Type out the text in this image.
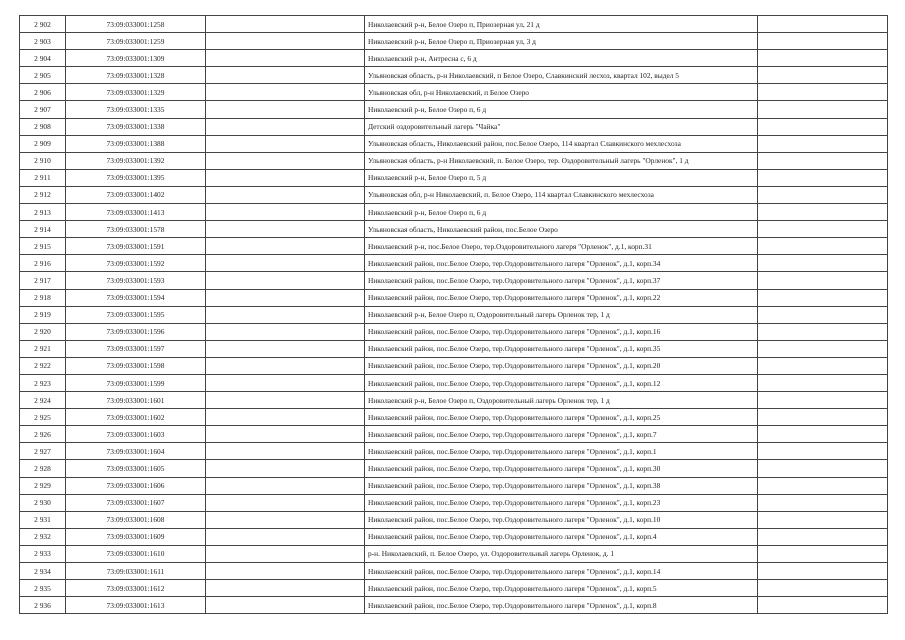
2 902	73:09:033001:1258		Николаевский р-н, Белое Озеро п, Приозерная ул, 21 д	
2 903	73:09:033001:1259		Николаевский р-н, Белое Озеро п, Приозерная ул, 3 д	
2 904	73:09:033001:1309		Николаевский р-н, Антресна с, 6 д	
2 905	73:09:033001:1328		Ульяновская область, р-н Николаевский, п Белое Озеро, Славкинский лесхоз, квартал 102, выдел 5	
2 906	73:09:033001:1329		Ульяновская обл, р-н Николаевский, п Белое Озеро	
2 907	73:09:033001:1335		Николаевский р-н, Белое Озеро п, 6 д	
2 908	73:09:033001:1338		Детский оздоровительный лагерь "Чайка"	
2 909	73:09:033001:1388		Ульяновская область, Николаевский район, пос.Белое Озеро, 114 квартал Славкинского мехлесхоза	
2 910	73:09:033001:1392		Ульяновская область, р-н Николаевский, п. Белое Озеро, тер. Оздоровительный лагерь "Орленок", 1 д	
2 911	73:09:033001:1395		Николаевский р-н, Белое Озеро п, 5 д	
2 912	73:09:033001:1402		Ульяновская обл, р-н Николаевский, п. Белое Озеро, 114 квартал Славкинского мехлесхоза	
2 913	73:09:033001:1413		Николаевский р-н, Белое Озеро п, 6 д	
2 914	73:09:033001:1578		Ульяновская область, Николаевский район, пос.Белое Озеро	
2 915	73:09:033001:1591		Николаевский р-н, пос.Белое Озеро, тер.Оздоровительного лагеря "Орленок", д.1, корп.31	
2 916	73:09:033001:1592		Николаевский район, пос.Белое Озеро, тер.Оздоровительного лагеря "Орленок", д.1, корп.34	
2 917	73:09:033001:1593		Николаевский район, пос.Белое Озеро, тер.Оздоровительного лагеря "Орленок", д.1, корп.37	
2 918	73:09:033001:1594		Николаевский район, пос.Белое Озеро, тер.Оздоровительного лагеря "Орленок", д.1, корп.22	
2 919	73:09:033001:1595		Николаевский р-н, Белое Озеро п, Оздоровительный лагерь Орленок тер, 1 д	
2 920	73:09:033001:1596		Николаевский район, пос.Белое Озеро, тер.Оздоровительного лагеря "Орленок", д.1, корп.16	
2 921	73:09:033001:1597		Николаевский район, пос.Белое Озеро, тер.Оздоровительного лагеря "Орленок", д.1, корп.35	
2 922	73:09:033001:1598		Николаевский район, пос.Белое Озеро, тер.Оздоровительного лагеря "Орленок", д.1, корп.20	
2 923	73:09:033001:1599		Николаевский район, пос.Белое Озеро, тер.Оздоровительного лагеря "Орленок", д.1, корп.12	
2 924	73:09:033001:1601		Николаевский р-н, Белое Озеро п, Оздоровительный лагерь Орленок тер, 1 д	
2 925	73:09:033001:1602		Николаевский район, пос.Белое Озеро, тер.Оздоровительного лагеря "Орленок", д.1, корп.25	
2 926	73:09:033001:1603		Николаевский район, пос.Белое Озеро, тер.Оздоровительного лагеря "Орленок", д.1, корп.7	
2 927	73:09:033001:1604		Николаевский район, пос.Белое Озеро, тер.Оздоровительного лагеря "Орленок", д.1, корп.1	
2 928	73:09:033001:1605		Николаевский район, пос.Белое Озеро, тер.Оздоровительного лагеря "Орленок", д.1, корп.30	
2 929	73:09:033001:1606		Николаевский район, пос.Белое Озеро, тер.Оздоровительного лагеря "Орленок", д.1, корп.38	
2 930	73:09:033001:1607		Николаевский район, пос.Белое Озеро, тер.Оздоровительного лагеря "Орленок", д.1, корп.23	
2 931	73:09:033001:1608		Николаевский район, пос.Белое Озеро, тер.Оздоровительного лагеря "Орленок", д.1, корп.10	
2 932	73:09:033001:1609		Николаевский район, пос.Белое Озеро, тер.Оздоровительного лагеря "Орленок", д.1, корп.4	
2 933	73:09:033001:1610		р-н. Николаевский, п. Белое Озеро, ул. Оздоровительный лагерь Орленок, д. 1	
2 934	73:09:033001:1611		Николаевский район, пос.Белое Озеро, тер.Оздоровительного лагеря "Орленок", д.1, корп.14	
2 935	73:09:033001:1612		Николаевский район, пос.Белое Озеро, тер.Оздоровительного лагеря "Орленок", д.1, корп.5	
2 936	73:09:033001:1613		Николаевский район, пос.Белое Озеро, тер.Оздоровительного лагеря "Орленок", д.1, корп.8	
